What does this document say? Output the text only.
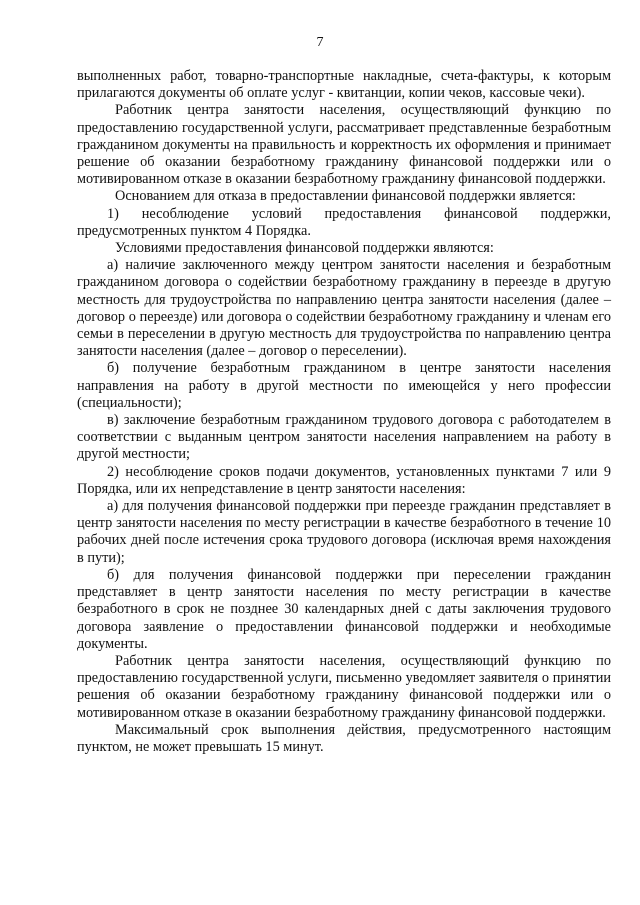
7

выполненных работ, товарно-транспортные накладные, счета-фактуры, к которым прилагаются документы об оплате услуг - квитанции, копии чеков, кассовые чеки).

Работник центра занятости населения, осуществляющий функцию по предоставлению государственной услуги, рассматривает представленные безработным гражданином документы на правильность и корректность их оформления и принимает решение об оказании безработному гражданину финансовой поддержки или о мотивированном отказе в оказании безработному гражданину финансовой поддержки.

Основанием для отказа в предоставлении финансовой поддержки является:

1) несоблюдение условий предоставления финансовой поддержки, предусмотренных пунктом 4 Порядка.

Условиями предоставления финансовой поддержки являются:

а) наличие заключенного между центром занятости населения и безработным гражданином договора о содействии безработному гражданину в переезде в другую местность для трудоустройства по направлению центра занятости населения (далее – договор о переезде) или договора о содействии безработному гражданину и членам его семьи в переселении в другую местность для трудоустройства по направлению центра занятости населения (далее – договор о переселении).

б) получение безработным гражданином в центре занятости населения направления на работу в другой местности по имеющейся у него профессии (специальности);

в) заключение безработным гражданином трудового договора с работодателем в соответствии с выданным центром занятости населения направлением на работу в другой местности;

2) несоблюдение сроков подачи документов, установленных пунктами 7 или 9 Порядка, или их непредставление в центр занятости населения:

а) для получения финансовой поддержки при переезде гражданин представляет в центр занятости населения по месту регистрации в качестве безработного в течение 10 рабочих дней после истечения срока трудового договора (исключая время нахождения в пути);

б) для получения финансовой поддержки при переселении гражданин представляет в центр занятости населения по месту регистрации в качестве безработного в срок не позднее 30 календарных дней с даты заключения трудового договора заявление о предоставлении финансовой поддержки и необходимые документы.

Работник центра занятости населения, осуществляющий функцию по предоставлению государственной услуги, письменно уведомляет заявителя о принятии решения об оказании безработному гражданину финансовой поддержки или о мотивированном отказе в оказании безработному гражданину финансовой поддержки.

Максимальный срок выполнения действия, предусмотренного настоящим пунктом, не может превышать 15 минут.
